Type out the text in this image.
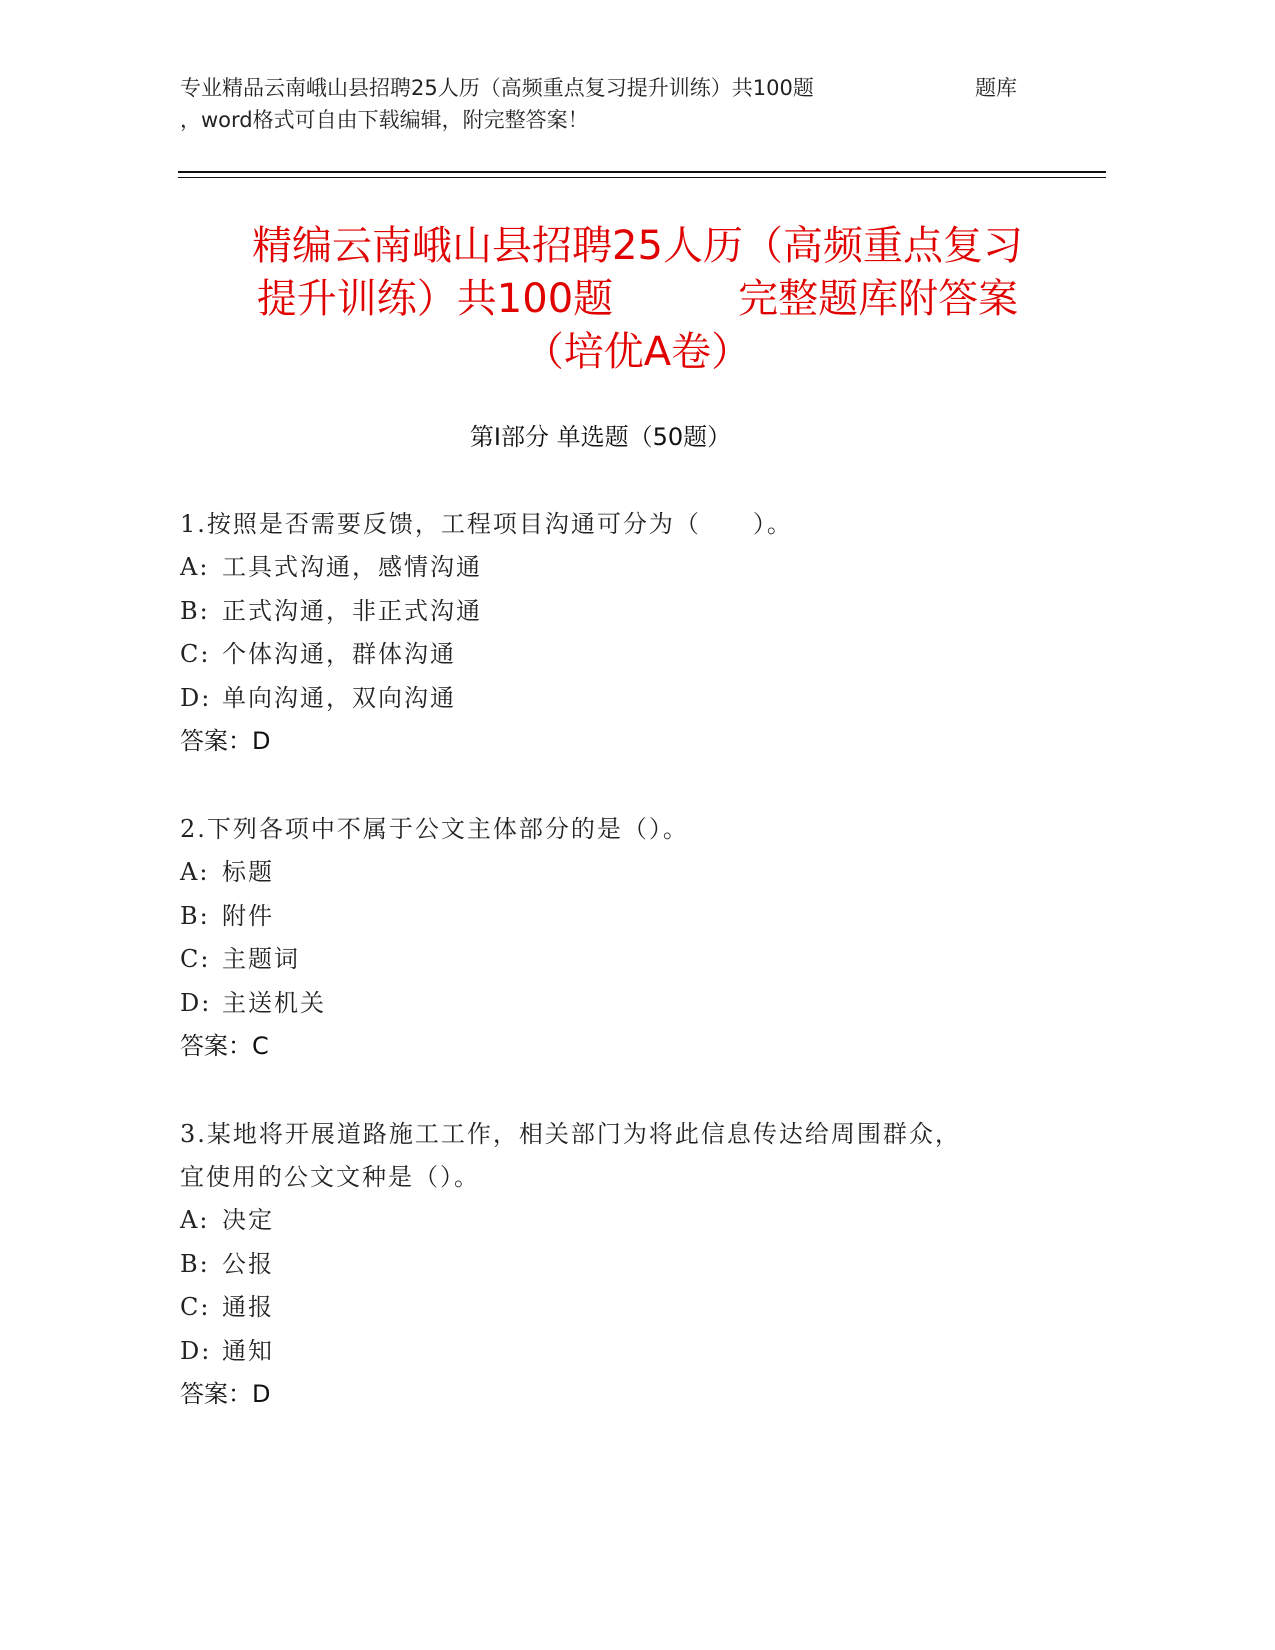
专业精品云南峨山县招聘25人历（高频重点复习提升训练）共100题	题库
，word格式可自由下载编辑，附完整答案！
精编云南峨山县招聘25人历（高频重点复习
提升训练）共100题	完整题库附答案
（培优A卷）
第Ⅰ部分 单选题（50题）
1.按照是否需要反馈，工程项目沟通可分为（　　）。
A: 工具式沟通，感情沟通
B: 正式沟通，非正式沟通
C: 个体沟通，群体沟通
D: 单向沟通，双向沟通
答案：D
2.下列各项中不属于公文主体部分的是（）。
A: 标题
B: 附件
C: 主题词
D: 主送机关
答案：C
3.某地将开展道路施工工作，相关部门为将此信息传达给周围群众，
宜使用的公文文种是（）。
A: 决定
B: 公报
C: 通报
D: 通知
答案：D
